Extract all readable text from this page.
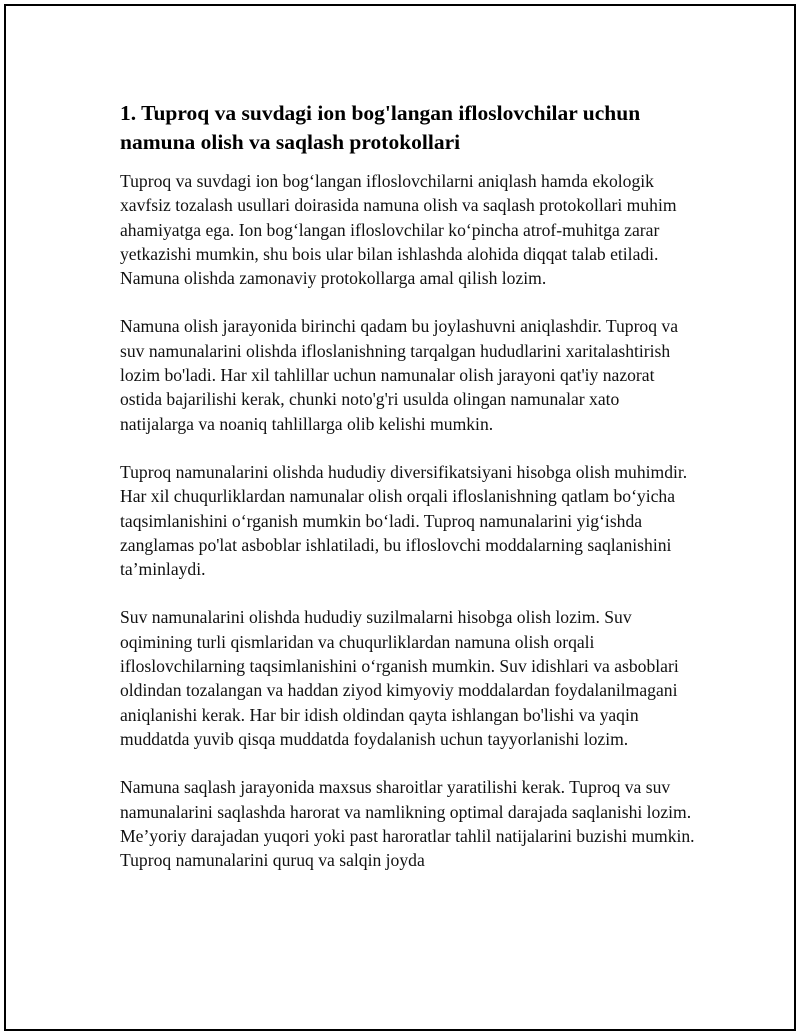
1. Tuproq va suvdagi ion bog'langan ifloslovchilar uchun namuna olish va saqlash protokollari

Tuproq va suvdagi ion bog‘langan ifloslovchilarni aniqlash hamda ekologik xavfsiz tozalash usullari doirasida namuna olish va saqlash protokollari muhim ahamiyatga ega. Ion bog‘langan ifloslovchilar ko‘pincha atrof-muhitga zarar yetkazishi mumkin, shu bois ular bilan ishlashda alohida diqqat talab etiladi. Namuna olishda zamonaviy protokollarga amal qilish lozim.

Namuna olish jarayonida birinchi qadam bu joylashuvni aniqlashdir. Tuproq va suv namunalarini olishda ifloslanishning tarqalgan hududlarini xaritalashtirish lozim bo'ladi. Har xil tahlillar uchun namunalar olish jarayoni qat'iy nazorat ostida bajarilishi kerak, chunki noto'g'ri usulda olingan namunalar xato natijalarga va noaniq tahlillarga olib kelishi mumkin.

Tuproq namunalarini olishda hududiy diversifikatsiyani hisobga olish muhimdir. Har xil chuqurliklardan namunalar olish orqali ifloslanishning qatlam bo‘yicha taqsimlanishini o‘rganish mumkin bo‘ladi. Tuproq namunalarini yig‘ishda zanglamas po'lat asboblar ishlatiladi, bu ifloslovchi moddalarning saqlanishini ta’minlaydi.

Suv namunalarini olishda hududiy suzilmalarni hisobga olish lozim. Suv oqimining turli qismlaridan va chuqurliklardan namuna olish orqali ifloslovchilarning taqsimlanishini o‘rganish mumkin. Suv idishlari va asboblari oldindan tozalangan va haddan ziyod kimyoviy moddalardan foydalanilmagani aniqlanishi kerak. Har bir idish oldindan qayta ishlangan bo'lishi va yaqin muddatda yuvib qisqa muddatda foydalanish uchun tayyorlanishi lozim.

Namuna saqlash jarayonida maxsus sharoitlar yaratilishi kerak. Tuproq va suv namunalarini saqlashda harorat va namlikning optimal darajada saqlanishi lozim. Me’yoriy darajadan yuqori yoki past haroratlar tahlil natijalarini buzishi mumkin. Tuproq namunalarini quruq va salqin joyda
